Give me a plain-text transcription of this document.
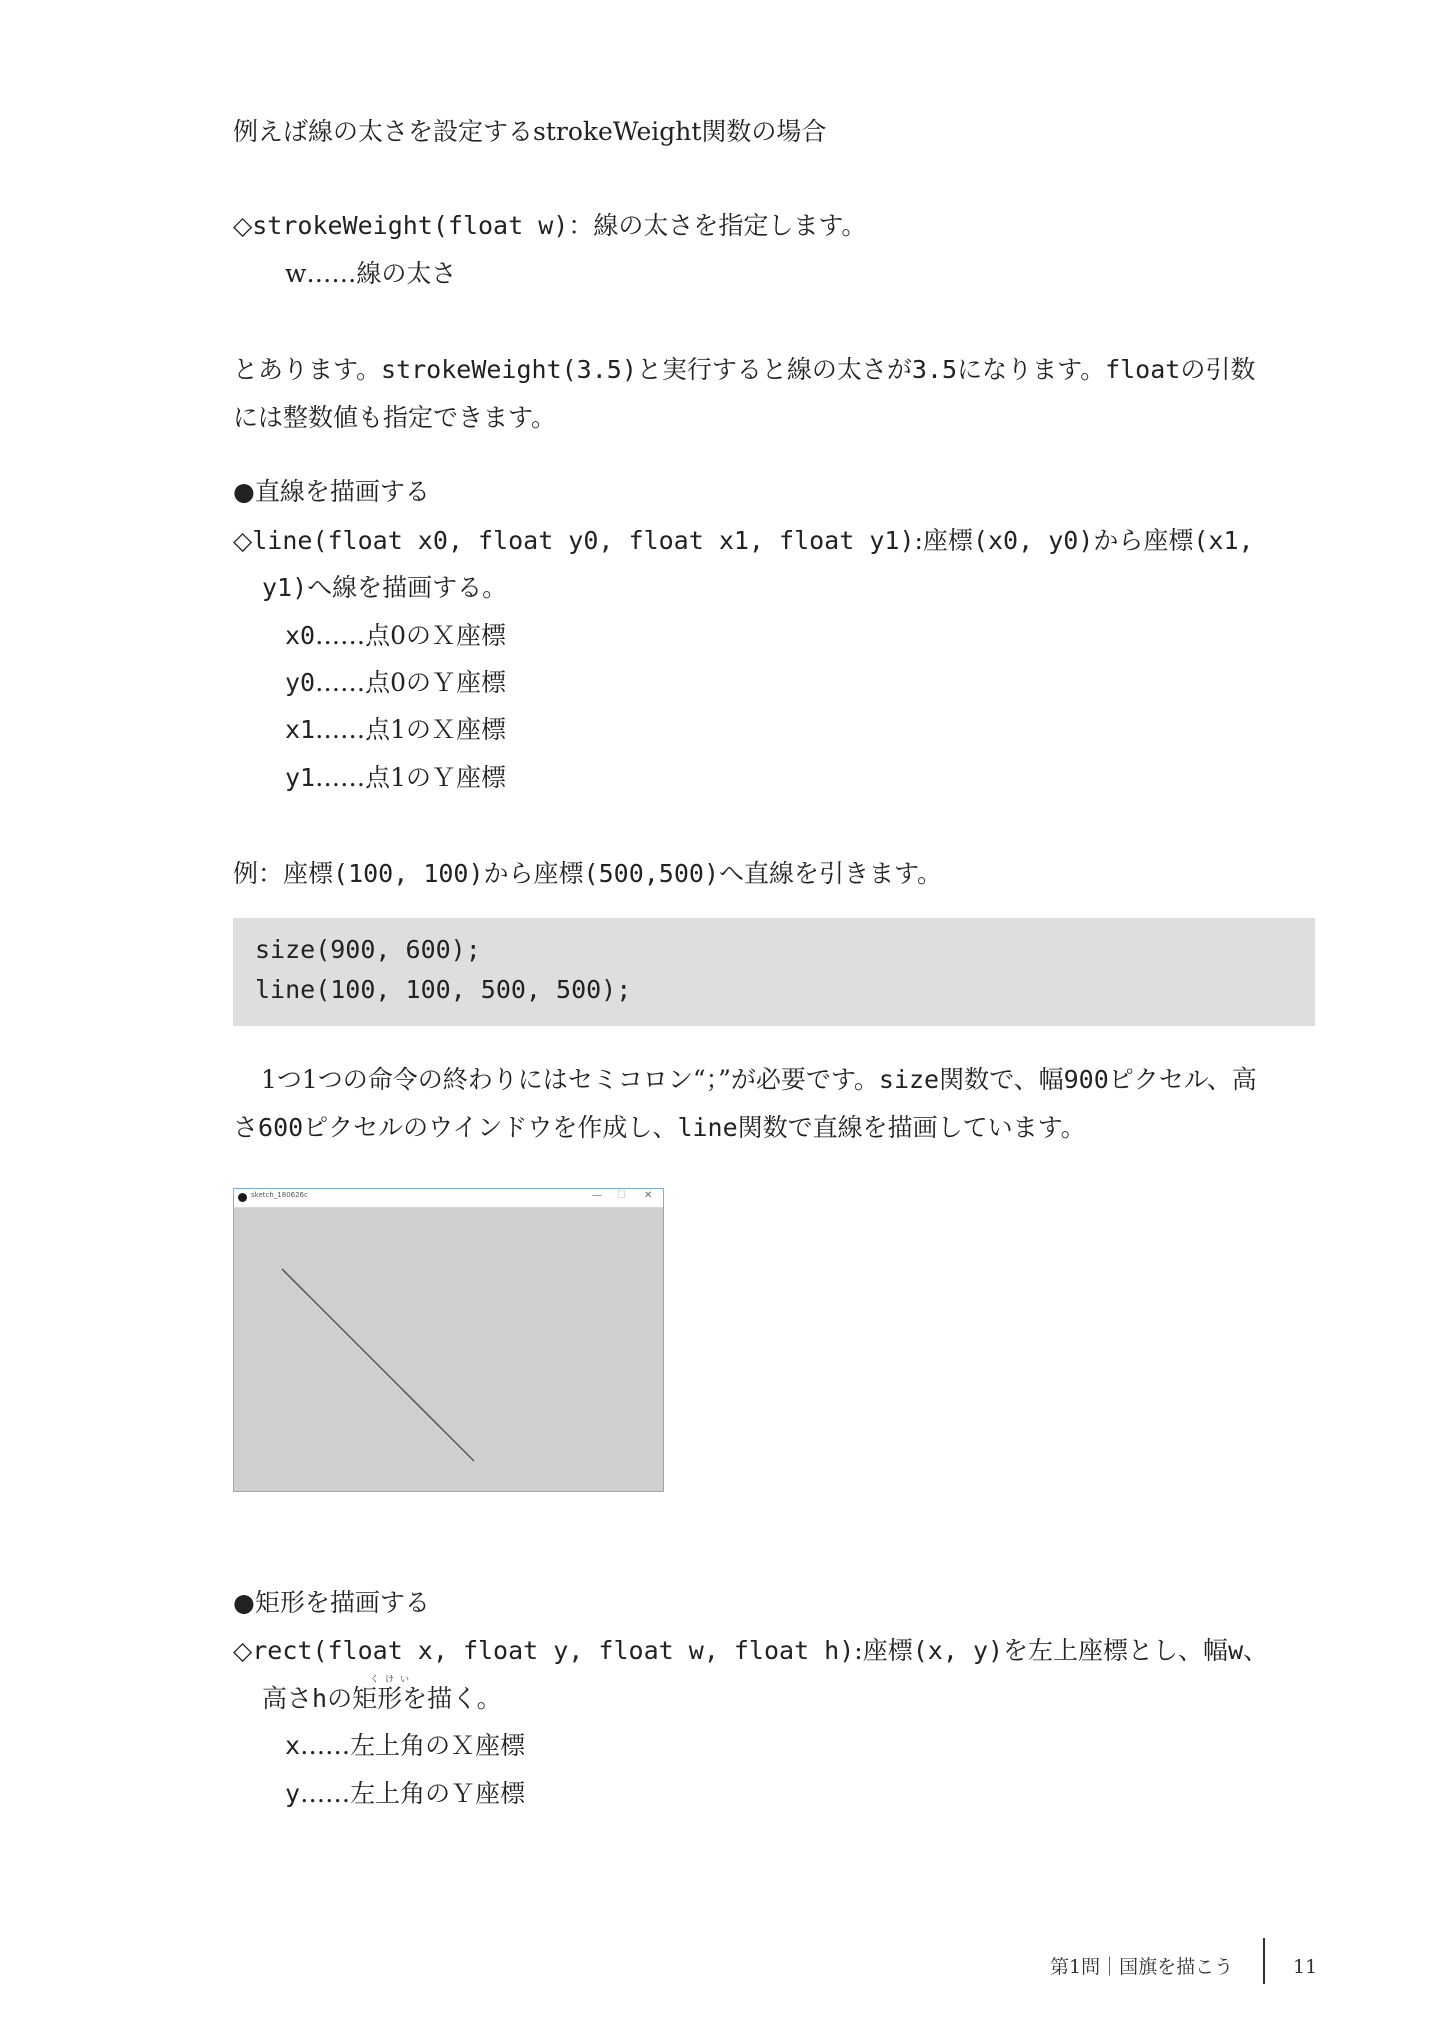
例えば線の太さを設定するstrokeWeight関数の場合
◇strokeWeight(float w)：線の太さを指定します。
w……線の太さ
とあります。strokeWeight(3.5)と実行すると線の太さが3.5になります。floatの引数
には整数値も指定できます。
●直線を描画する
◇line(float x0, float y0, float x1, float y1):座標(x0, y0)から座標(x1,
y1)へ線を描画する。
x0……点0のＸ座標
y0……点0のＹ座標
x1……点1のＸ座標
y1……点1のＹ座標
例：座標(100, 100)から座標(500,500)へ直線を引きます。
size(900, 600);
line(100, 100, 500, 500);
1つ1つの命令の終わりにはセミコロン“；”が必要です。size関数で、幅900ピクセル、高
さ600ピクセルのウインドウを作成し、line関数で直線を描画しています。
sketch_180626c	— ☐ ✕
●矩形を描画する
◇rect(float x, float y, float w, float h):座標(x, y)を左上座標とし、幅w、
くけい
高さhの矩形を描く。
x……左上角のＸ座標
y……左上角のＹ座標
第1問｜国旗を描こう	11
